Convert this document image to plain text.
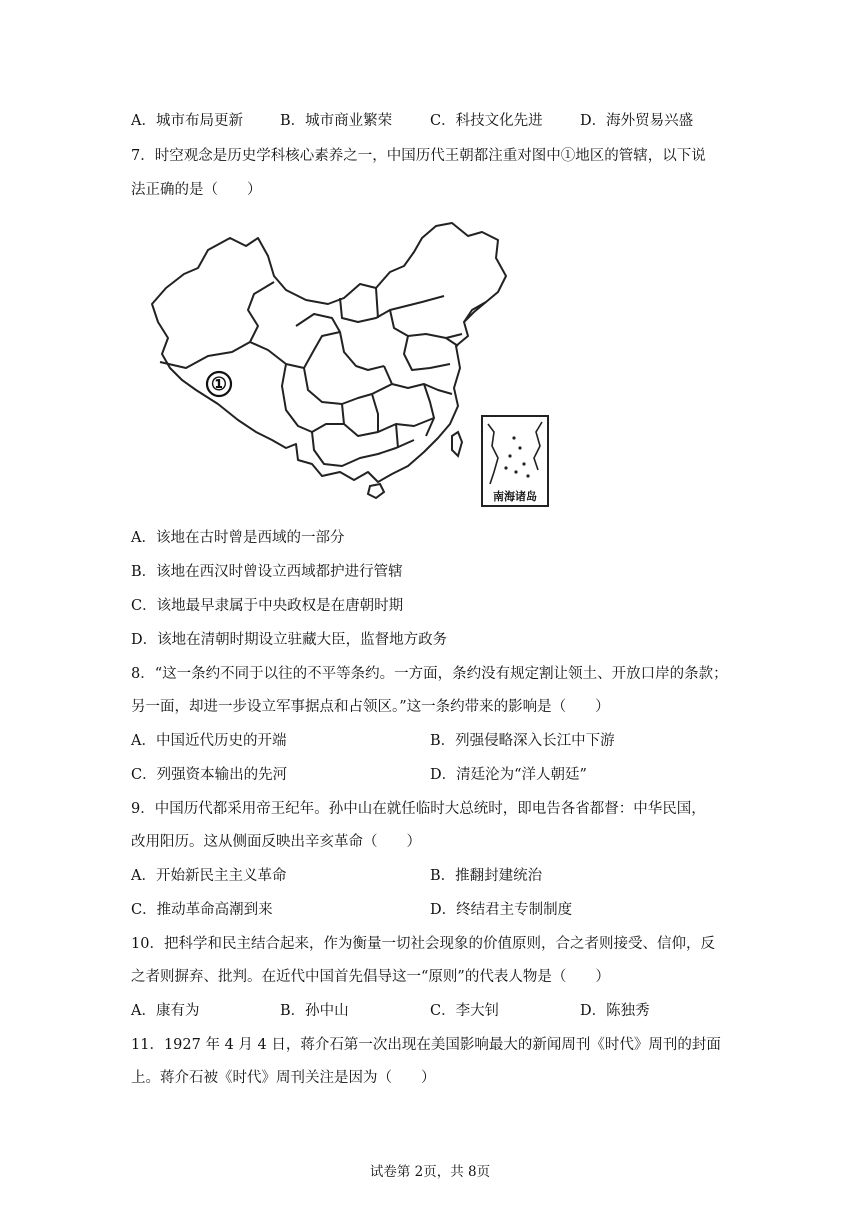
A．城市布局更新	B．城市商业繁荣	C．科技文化先进	D．海外贸易兴盛
7．时空观念是历史学科核心素养之一，中国历代王朝都注重对图中①地区的管辖，以下说
法正确的是（　　）
①
南海诸岛
A．该地在古时曾是西域的一部分
B．该地在西汉时曾设立西域都护进行管辖
C．该地最早隶属于中央政权是在唐朝时期
D．该地在清朝时期设立驻藏大臣，监督地方政务
8．“这一条约不同于以往的不平等条约。一方面，条约没有规定割让领土、开放口岸的条款；
另一面，却进一步设立军事据点和占领区。”这一条约带来的影响是（　　）
A．中国近代历史的开端	B．列强侵略深入长江中下游
C．列强资本输出的先河	D．清廷沦为“洋人朝廷”
9．中国历代都采用帝王纪年。孙中山在就任临时大总统时，即电告各省都督：中华民国，
改用阳历。这从侧面反映出辛亥革命（　　）
A．开始新民主主义革命	B．推翻封建统治
C．推动革命高潮到来	D．终结君主专制制度
10．把科学和民主结合起来，作为衡量一切社会现象的价值原则，合之者则接受、信仰，反
之者则摒弃、批判。在近代中国首先倡导这一“原则”的代表人物是（　　）
A．康有为	B．孙中山	C．李大钊	D．陈独秀
11．1927 年 4 月 4 日，蒋介石第一次出现在美国影响最大的新闻周刊《时代》周刊的封面
上。蒋介石被《时代》周刊关注是因为（　　）
试卷第 2页，共 8页
